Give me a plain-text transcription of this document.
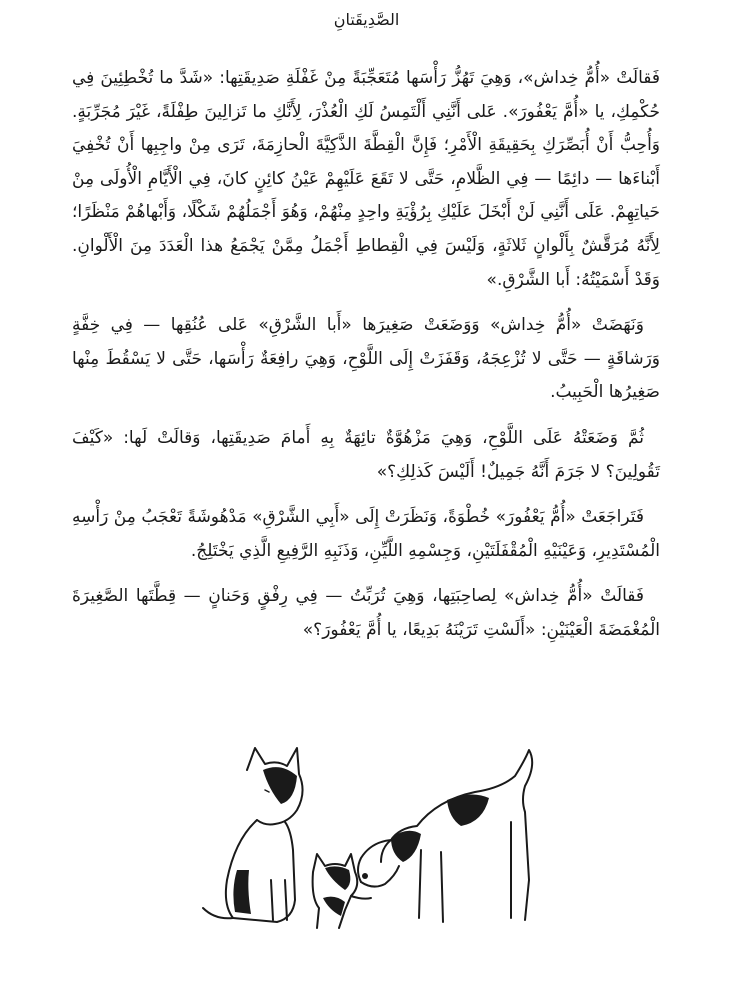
الصَّدِيقَتانِ

فَقالَتْ «أُمُّ خِداش»، وَهِيَ تَهُزُّ رَأْسَها مُتَعَجِّبَةً مِنْ غَفْلَةِ صَدِيقَتِها: «شَدَّ ما تُخْطِئِينَ فِي حُكْمِكِ، يا «أُمَّ يَعْفُورَ». عَلى أَنَّنِي أَلْتَمِسُ لَكِ الْعُذْرَ، لِأَنَّكِ ما تَزالِينَ طِفْلَةً، غَيْرَ مُجَرِّبَةٍ. وَأُحِبُّ أَنْ أُبَصِّرَكِ بِحَقِيقَةِ الْأَمْرِ؛ فَإِنَّ الْقِطَّةَ الذَّكِيَّةَ الْحازِمَةَ، تَرَى مِنْ واجِبِها أَنْ تُخْفِيَ أَبْناءَها — دائِمًا — فِي الظَّلامِ، حَتَّى لا تَقَعَ عَلَيْهِمْ عَيْنُ كائِنٍ كانَ، فِي الْأَيَّامِ الْأُولَى مِنْ حَياتِهِمْ. عَلَى أَنَّنِي لَنْ أَبْخَلَ عَلَيْكِ بِرُؤْيَةِ واحِدٍ مِنْهُمْ، وَهُوَ أَجْمَلُهُمْ شَكْلًا، وَأَبْهاهُمْ مَنْظَرًا؛ لِأَنَّهُ مُرَقَّشٌ بِأَلْوانٍ ثَلاثَةٍ، وَلَيْسَ فِي الْقِطاطِ أَجْمَلُ مِمَّنْ يَجْمَعُ هذا الْعَدَدَ مِنَ الْأَلْوانِ. وَقَدْ أَسْمَيْتُهُ: أَبا الشَّرْقِ.»

وَنَهَضَتْ «أُمُّ خِداش» وَوَضَعَتْ صَغِيرَها «أَبا الشَّرْقِ» عَلى عُنُقِها — فِي خِفَّةٍ وَرَشاقَةٍ — حَتَّى لا تُزْعِجَهُ، وَقَفَزَتْ إِلَى اللَّوْحِ، وَهِيَ رافِعَةٌ رَأْسَها، حَتَّى لا يَسْقُطَ مِنْها صَغِيرُها الْحَبِيبُ.

ثُمَّ وَضَعَتْهُ عَلَى اللَّوْحِ، وَهِيَ مَزْهُوَّةٌ تائِهَةٌ بِهِ أَمامَ صَدِيقَتِها، وَقالَتْ لَها: «كَيْفَ تَقُولِينَ؟ لا جَرَمَ أَنَّهُ جَمِيلٌ! أَلَيْسَ كَذلِكِ؟»

فَتَراجَعَتْ «أُمُّ يَعْفُورَ» خُطْوَةً، وَنَظَرَتْ إِلَى «أَبِي الشَّرْقِ» مَدْهُوشَةً تَعْجَبُ مِنْ رَأْسِهِ الْمُسْتَدِيرِ، وَعَيْنَيْهِ الْمُقْفَلَتَيْنِ، وَجِسْمِهِ اللَّيِّنِ، وَذَنَبِهِ الرَّفِيعِ الَّذِي يَخْتَلِجُ.

فَقالَتْ «أُمُّ خِداش» لِصاحِبَتِها، وَهِيَ تُرَبِّتُ — فِي رِفْقٍ وَحَنانٍ — قِطَّتَها الصَّغِيرَةَ الْمُغْمَضَةَ الْعَيْنَيْنِ: «أَلَسْتِ تَرَيْنَهُ بَدِيعًا، يا أُمَّ يَعْفُورَ؟»
